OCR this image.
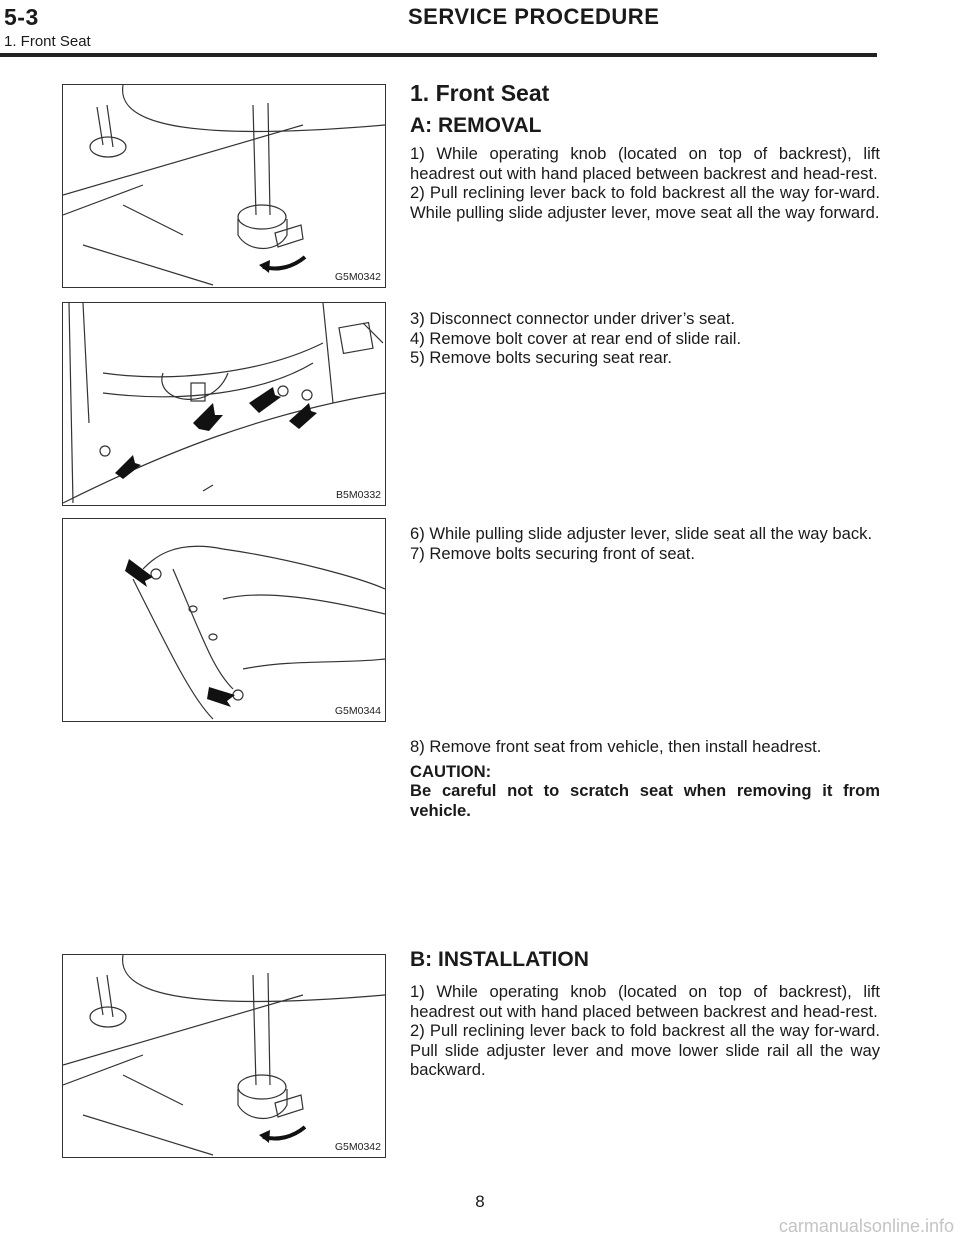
5-3	SERVICE PROCEDURE
1. Front Seat
G5M0342
B5M0332
G5M0344
G5M0342
1. Front Seat
A: REMOVAL

1) While operating knob (located on top of backrest), lift headrest out with hand placed between backrest and head-rest.

2) Pull reclining lever back to fold backrest all the way for-ward. While pulling slide adjuster lever, move seat all the way forward.

3) Disconnect connector under driver’s seat.

4) Remove bolt cover at rear end of slide rail.

5) Remove bolts securing seat rear.

6) While pulling slide adjuster lever, slide seat all the way back.

7) Remove bolts securing front of seat.

8) Remove front seat from vehicle, then install headrest.

CAUTION:

Be careful not to scratch seat when removing it from vehicle.

B: INSTALLATION

1) While operating knob (located on top of backrest), lift headrest out with hand placed between backrest and head-rest.

2) Pull reclining lever back to fold backrest all the way for-ward. Pull slide adjuster lever and move lower slide rail all the way backward.

8
carmanualsonline.info
